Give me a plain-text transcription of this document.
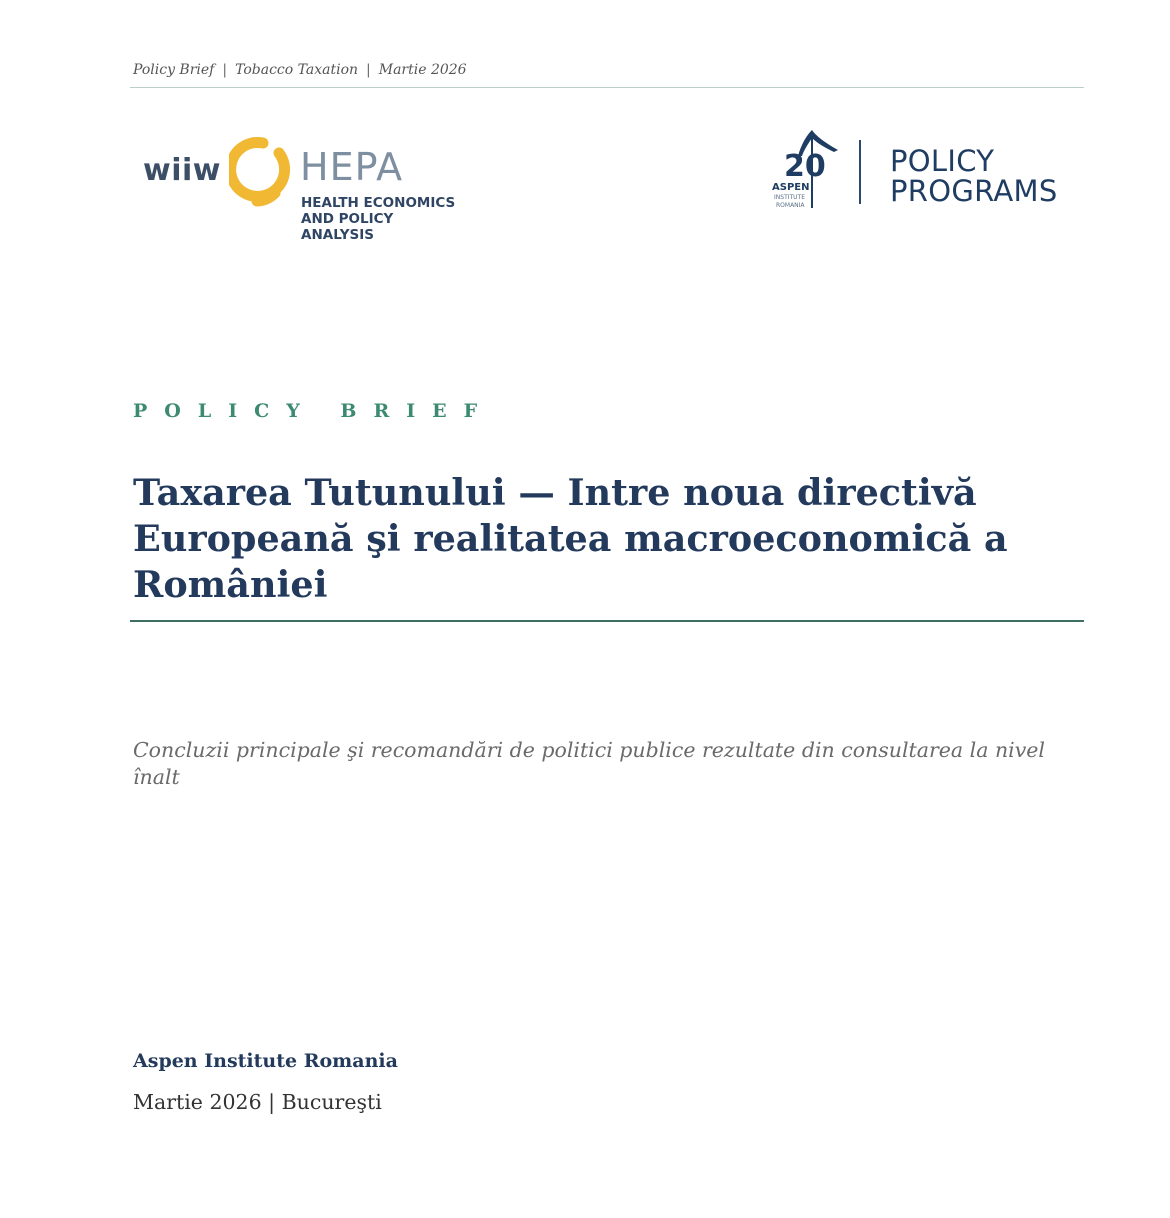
Policy Brief | Tobacco Taxation | Martie 2026
wiiw HEPA
HEALTH ECONOMICS
AND POLICY ANALYSIS
20
ASPEN
INSTITUTE
ROMANIA
POLICY
PROGRAMS
POLICY BRIEF
Taxarea Tutunului — Intre noua directivă Europeană şi realitatea macroeconomică a României
Concluzii principale şi recomandări de politici publice rezultate din consultarea la nivel înalt
Aspen Institute Romania
Martie 2026 | Bucureşti
